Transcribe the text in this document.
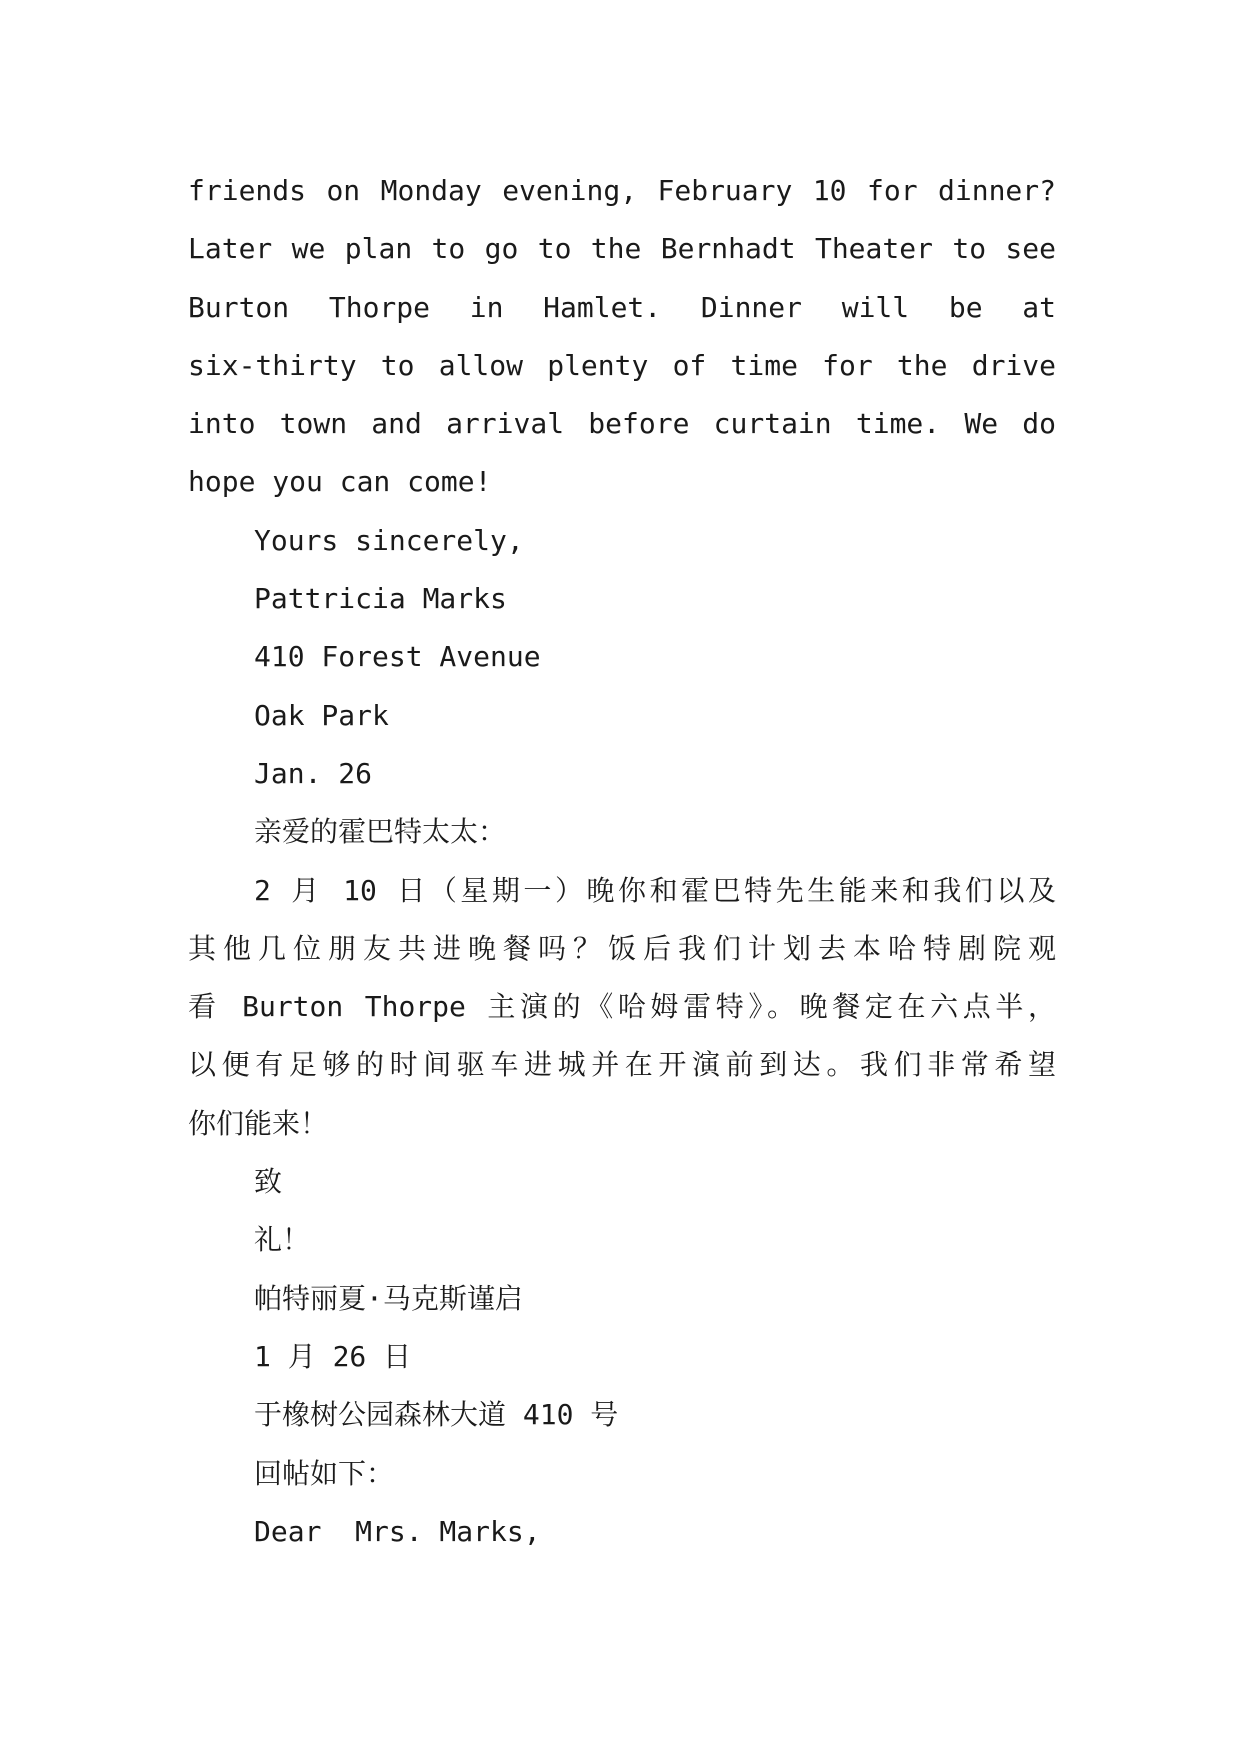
friends on Monday evening, February 10 for dinner?

Later we plan to go to the Bernhadt Theater to see

Burton Thorpe in Hamlet. Dinner will be at

six-thirty to allow plenty of time for the drive

into town and arrival before curtain time. We do

hope you can come!

Yours sincerely,

Pattricia Marks

410 Forest Avenue

Oak Park

Jan. 26

亲爱的霍巴特太太：

2 月 10 日（星期一）晚你和霍巴特先生能来和我们以及

其他几位朋友共进晚餐吗？饭后我们计划去本哈特剧院观

看 Burton Thorpe 主演的《哈姆雷特》。晚餐定在六点半，

以便有足够的时间驱车进城并在开演前到达。我们非常希望

你们能来！

致

礼！

帕特丽夏·马克斯谨启

1 月 26 日

于橡树公园森林大道 410 号

回帖如下：

Dear  Mrs. Marks,
